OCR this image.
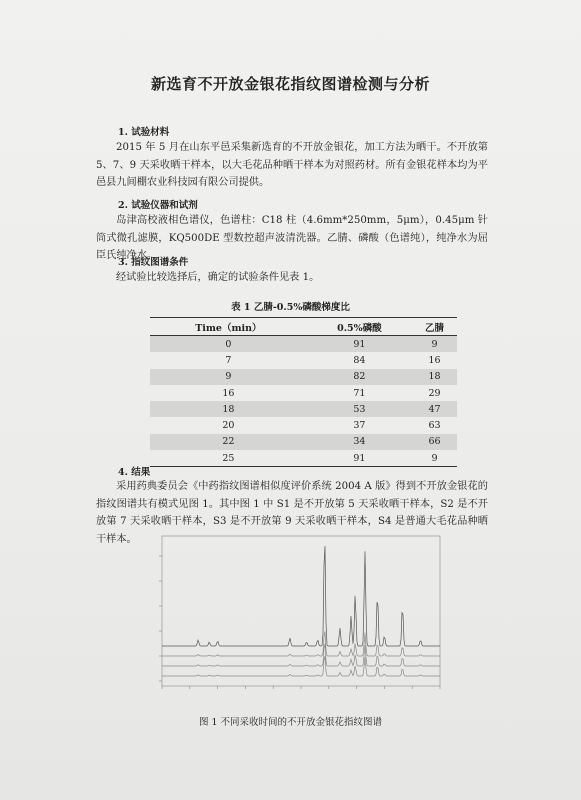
新选育不开放金银花指纹图谱检测与分析
1. 试验材料
2015 年 5 月在山东平邑采集新选育的不开放金银花，加工方法为晒干。不开放第 5、7、9 天采收晒干样本，以大毛花品种晒干样本为对照药材。所有金银花样本均为平邑县九间棚农业科技园有限公司提供。
2. 试验仪器和试剂
岛津高校液相色谱仪，色谱柱：C18 柱（4.6mm*250mm，5μm），0.45μm 针筒式微孔滤膜，KQ500DE 型数控超声波清洗器。乙腈、磷酸（色谱纯），纯净水为屈臣氏纯净水。
3. 指纹图谱条件
经试验比较选择后，确定的试验条件见表 1。
表 1 乙腈-0.5%磷酸梯度比
Time（min）	0.5%磷酸	乙腈
0	91	9
7	84	16
9	82	18
16	71	29
18	53	47
20	37	63
22	34	66
25	91	9
4. 结果
采用药典委员会《中药指纹图谱相似度评价系统 2004 A 版》得到不开放金银花的指纹图谱共有模式见图 1。其中图 1 中 S1 是不开放第 5 天采收晒干样本，S2 是不开放第 7 天采收晒干样本，S3 是不开放第 9 天采收晒干样本，S4 是普通大毛花品种晒干样本。
图 1 不同采收时间的不开放金银花指纹图谱
